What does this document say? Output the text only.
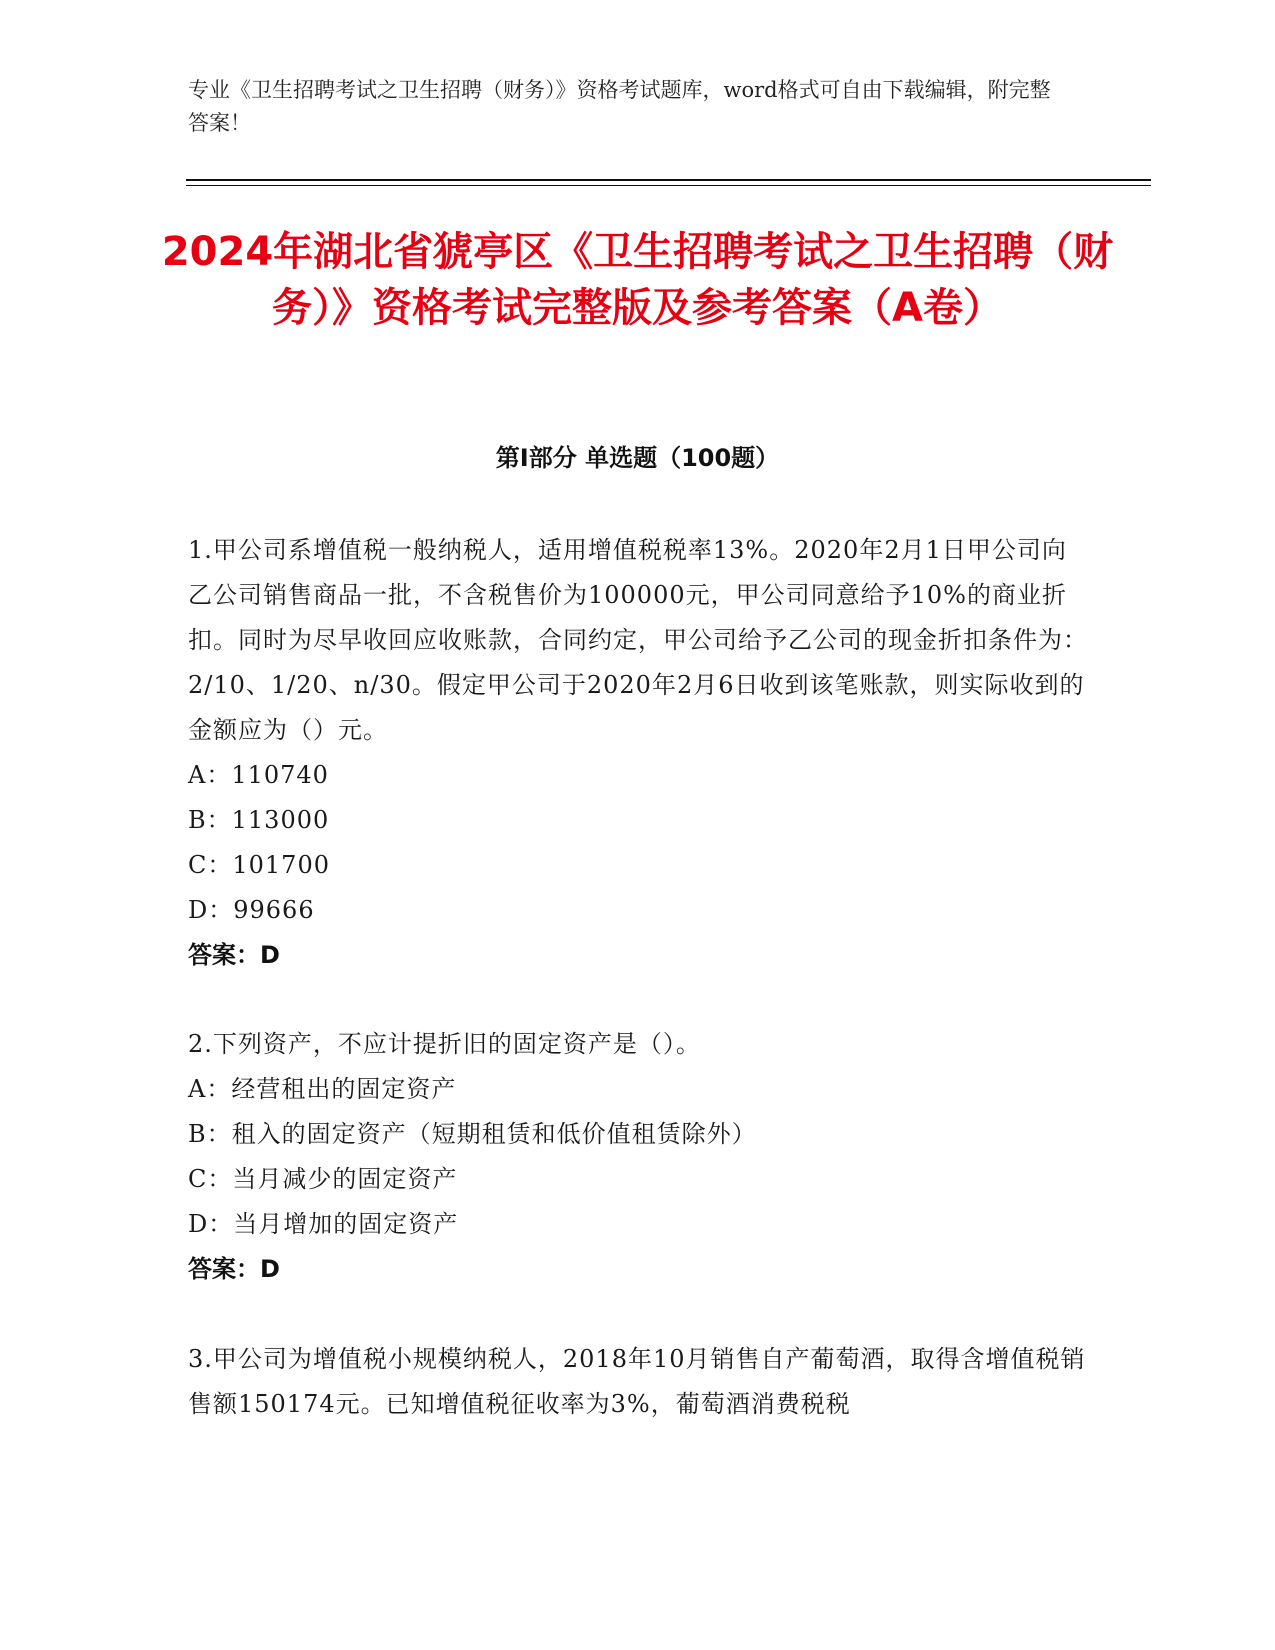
专业《卫生招聘考试之卫生招聘（财务）》资格考试题库，word格式可自由下载编辑，附完整答案！
2024年湖北省猇亭区《卫生招聘考试之卫生招聘（财务）》资格考试完整版及参考答案（A卷）
第I部分 单选题（100题）
1.甲公司系增值税一般纳税人，适用增值税税率13%。2020年2月1日甲公司向乙公司销售商品一批，不含税售价为100000元，甲公司同意给予10%的商业折扣。同时为尽早收回应收账款，合同约定，甲公司给予乙公司的现金折扣条件为：2/10、1/20、n/30。假定甲公司于2020年2月6日收到该笔账款，则实际收到的金额应为（）元。
A：110740
B：113000
C：101700
D：99666
答案：D
2.下列资产，不应计提折旧的固定资产是（）。
A：经营租出的固定资产
B：租入的固定资产（短期租赁和低价值租赁除外）
C：当月减少的固定资产
D：当月增加的固定资产
答案：D
3.甲公司为增值税小规模纳税人，2018年10月销售自产葡萄酒，取得含增值税销售额150174元。已知增值税征收率为3%，葡萄酒消费税税
